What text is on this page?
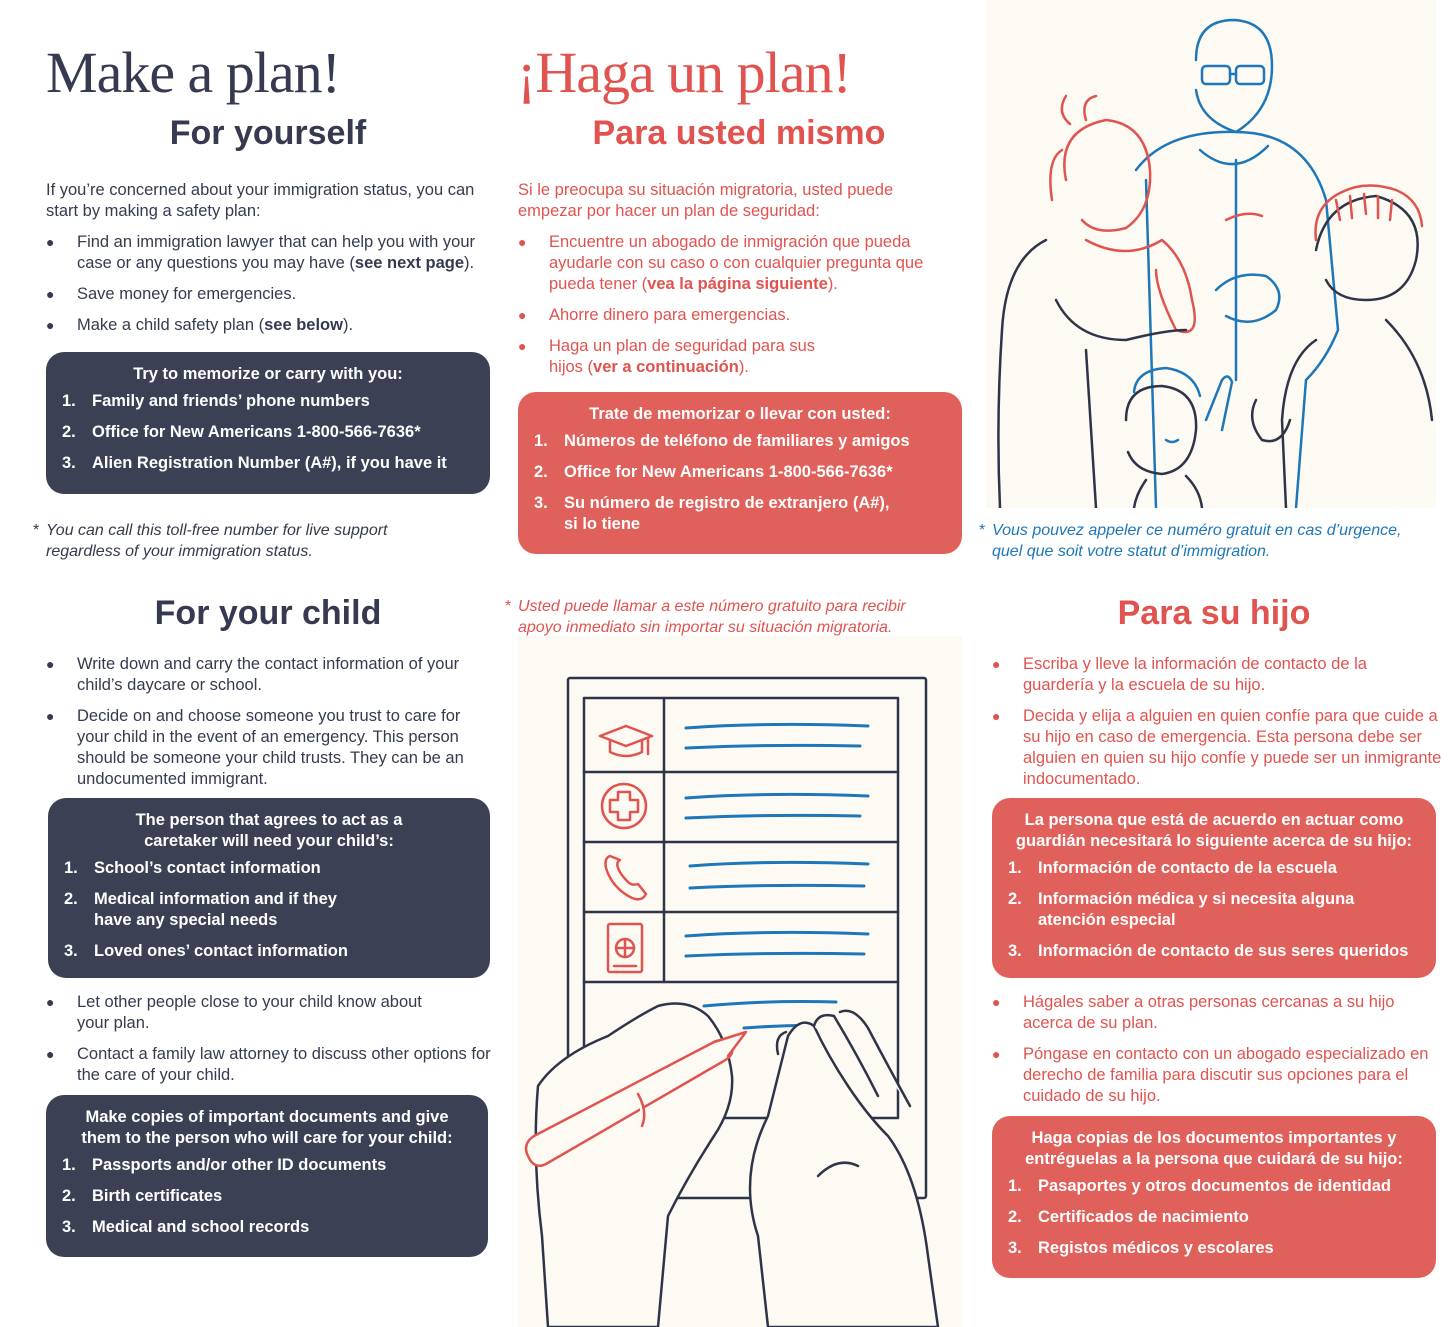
Make a plan!
For yourself

If you’re concerned about your immigration status, you can start by making a safety plan:

● Find an immigration lawyer that can help you with your case or any questions you may have (see next page).
● Save money for emergencies.
● Make a child safety plan (see below).

Try to memorize or carry with you:

1. Family and friends’ phone numbers
2. Office for New Americans 1-800-566-7636*
3. Alien Registration Number (A#), if you have it

* You can call this toll-free number for live support regardless of your immigration status.

For your child
● Write down and carry the contact information of your child’s daycare or school.
● Decide on and choose someone you trust to care for your child in the event of an emergency. This person should be someone your child trusts. They can be an undocumented immigrant.

The person that agrees to act as a caretaker will need your child’s:

1. School’s contact information
2. Medical information and if they have any special needs
3. Loved ones’ contact information
● Let other people close to your child know about your plan.
● Contact a family law attorney to discuss other options for the care of your child.

Make copies of important documents and give them to the person who will care for your child:

1. Passports and/or other ID documents
2. Birth certificates
3. Medical and school records
¡Haga un plan!
Para usted mismo

Si le preocupa su situación migratoria, usted puede empezar por hacer un plan de seguridad:

● Encuentre un abogado de inmigración que pueda ayudarle con su caso o con cualquier pregunta que pueda tener (vea la página siguiente).
● Ahorre dinero para emergencias.
● Haga un plan de seguridad para sus hijos (ver a continuación).

Trate de memorizar o llevar con usted:

1. Números de teléfono de familiares y amigos
2. Office for New Americans 1-800-566-7636*
3. Su número de registro de extranjero (A#), si lo tiene

* Usted puede llamar a este número gratuito para recibir apoyo inmediato sin importar su situación migratoria.

* Vous pouvez appeler ce numéro gratuit en cas d’urgence, quel que soit votre statut d’immigration.

Para su hijo
● Escriba y lleve la información de contacto de la guardería y la escuela de su hijo.
● Decida y elija a alguien en quien confíe para que cuide a su hijo en caso de emergencia. Esta persona debe ser alguien en quien su hijo confíe y puede ser un inmigrante indocumentado.

La persona que está de acuerdo en actuar como guardián necesitará lo siguiente acerca de su hijo:

1. Información de contacto de la escuela
2. Información médica y si necesita alguna atención especial
3. Información de contacto de sus seres queridos
● Hágales saber a otras personas cercanas a su hijo acerca de su plan.
● Póngase en contacto con un abogado especializado en derecho de familia para discutir sus opciones para el cuidado de su hijo.

Haga copias de los documentos importantes y entréguelas a la persona que cuidará de su hijo:

1. Pasaportes y otros documentos de identidad
2. Certificados de nacimiento
3. Registos médicos y escolares
